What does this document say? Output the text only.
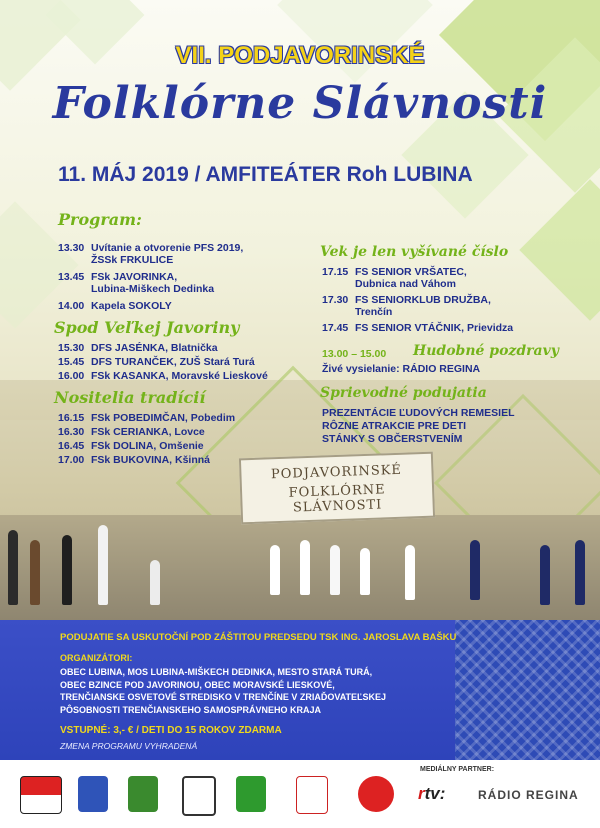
PODJAVORINSKÉ
FOLKLÓRNE SLÁVNOSTI
VII. PODJAVORINSKÉ
Folklórne Slávnosti
11. MÁJ 2019 / AMFITEÁTER Roh LUBINA
Program:
13.30 Uvítanie a otvorenie PFS 2019,
ŽSSk FRKULICE
13.45 FSk JAVORINKA,
Lubina-Miškech Dedinka
14.00 Kapela SOKOLY
Spod Veľkej Javoriny
15.30 DFS JASÉNKA, Blatnička
15.45 DFS TURANČEK, ZUŠ Stará Turá
16.00 FSk KASANKA, Moravské Lieskové
Nositelia tradícií
16.15 FSk POBEDIMČAN, Pobedim
16.30 FSk CERIANKA, Lovce
16.45 FSk DOLINA, Omšenie
17.00 FSk BUKOVINA, Kšinná
Vek je len vyšívané číslo
17.15 FS SENIOR VRŠATEC,
Dubnica nad Váhom
17.30 FS SENIORKLUB DRUŽBA,
Trenčín
17.45 FS SENIOR VTÁČNIK, Prievidza
13.00 – 15.00 Hudobné pozdravy
Živé vysielanie: RÁDIO REGINA
Sprievodné podujatia
PREZENTÁCIE ĽUDOVÝCH REMESIEL
RÔZNE ATRAKCIE PRE DETI
STÁNKY S OBČERSTVENÍM
PODUJATIE SA USKUTOČNÍ POD ZÁŠTITOU PREDSEDU TSK ING. JAROSLAVA BAŠKU
ORGANIZÁTORI:
OBEC LUBINA, MOS LUBINA-MIŠKECH DEDINKA, MESTO STARÁ TURÁ,
OBEC BZINCE POD JAVORINOU, OBEC MORAVSKÉ LIESKOVÉ,
TRENČIANSKE OSVETOVÉ STREDISKO V TRENČÍNE V ZRIAĎOVATEĽSKEJ
PÔSOBNOSTI TRENČIANSKEHO SAMOSPRÁVNEHO KRAJA
VSTUPNÉ: 3,- € / DETI DO 15 ROKOV ZDARMA
ZMENA PROGRAMU VYHRADENÁ
MEDIÁLNY PARTNER:
rtv:	RÁDIO REGINA
